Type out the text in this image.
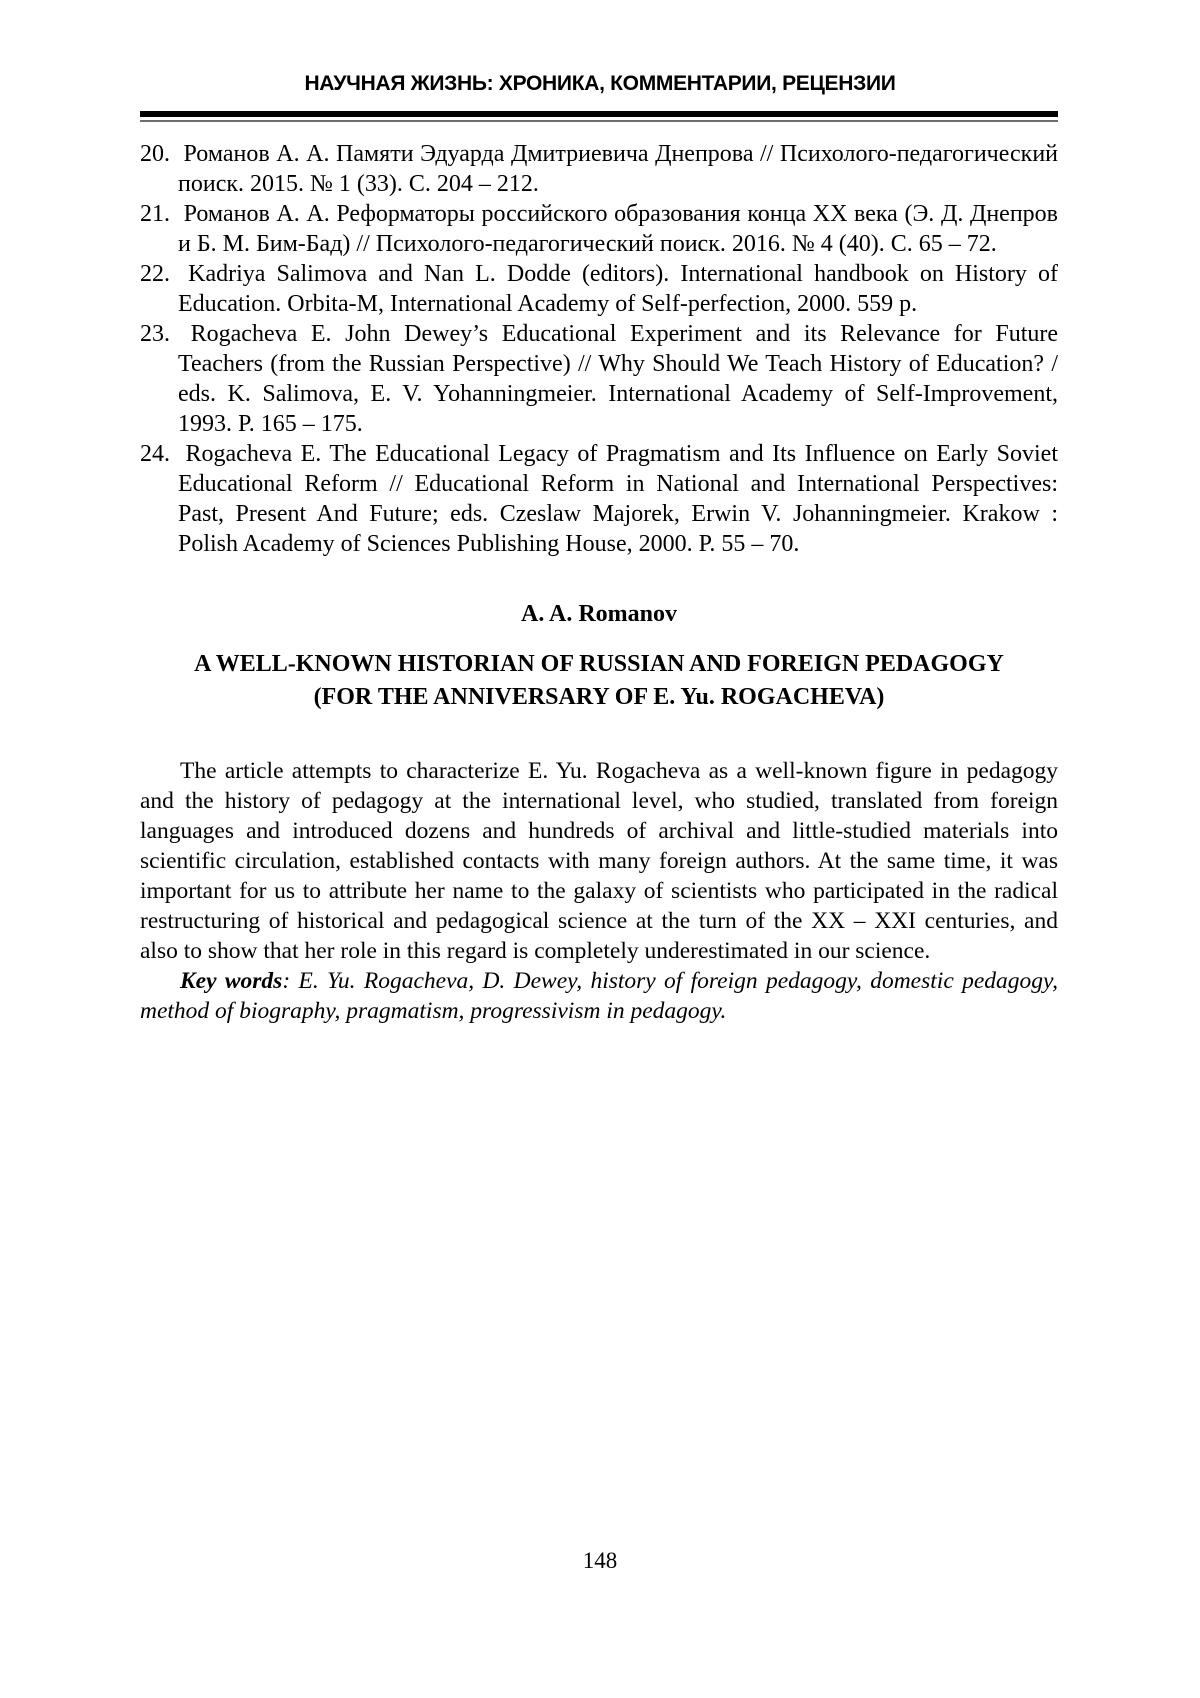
НАУЧНАЯ ЖИЗНЬ: ХРОНИКА, КОММЕНТАРИИ, РЕЦЕНЗИИ
20. Романов А. А. Памяти Эдуарда Дмитриевича Днепрова // Психолого-педагогический поиск. 2015. № 1 (33). С. 204 – 212.
21. Романов А. А. Реформаторы российского образования конца XX века (Э. Д. Днепров и Б. М. Бим-Бад) // Психолого-педагогический поиск. 2016. № 4 (40). С. 65 – 72.
22. Kadriya Salimova and Nan L. Dodde (editors). International handbook on History of Education. Orbita-M, International Academy of Self-perfection, 2000. 559 p.
23. Rogacheva E. John Dewey’s Educational Experiment and its Relevance for Future Teachers (from the Russian Perspective) // Why Should We Teach History of Education? / eds. K. Salimova, E. V. Yohanningmeier. International Academy of Self-Improvement, 1993. P. 165 – 175.
24. Rogacheva E. The Educational Legacy of Pragmatism and Its Influence on Early Soviet Educational Reform // Educational Reform in National and International Perspectives: Past, Present And Future; eds. Czeslaw Majorek, Erwin V. Johanningmeier. Krakow : Polish Academy of Sciences Publishing House, 2000. P. 55 – 70.
A. A. Romanov
A WELL-KNOWN HISTORIAN OF RUSSIAN AND FOREIGN PEDAGOGY
(FOR THE ANNIVERSARY OF E. Yu. ROGACHEVA)
The article attempts to characterize E. Yu. Rogacheva as a well-known figure in pedagogy and the history of pedagogy at the international level, who studied, translated from foreign languages and introduced dozens and hundreds of archival and little-studied materials into scientific circulation, established contacts with many foreign authors. At the same time, it was important for us to attribute her name to the galaxy of scientists who participated in the radical restructuring of historical and pedagogical science at the turn of the XX – XXI centuries, and also to show that her role in this regard is completely underestimated in our science.
Key words: E. Yu. Rogacheva, D. Dewey, history of foreign pedagogy, domestic pedagogy, method of biography, pragmatism, progressivism in pedagogy.
148
